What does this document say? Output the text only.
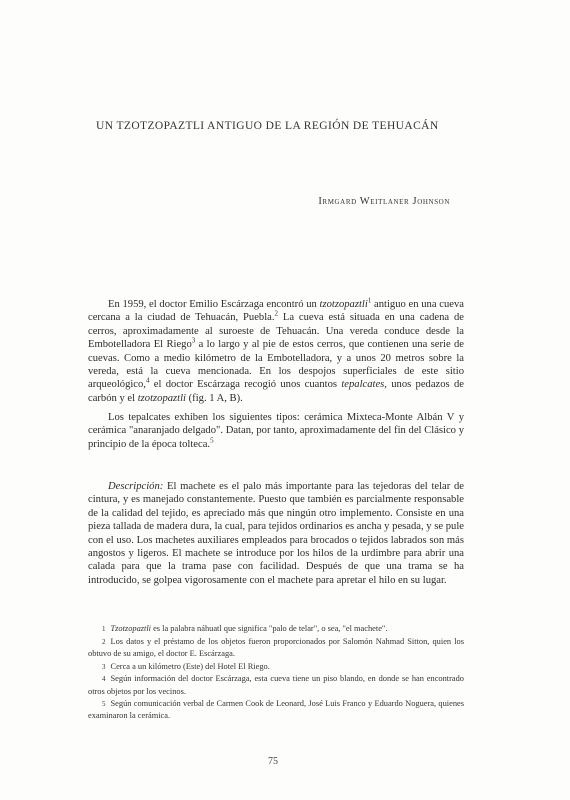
UN TZOTZOPAZTLI ANTIGUO DE LA REGIÓN DE TEHUACÁN
Irmgard Weitlaner Johnson

En 1959, el doctor Emilio Escárzaga encontró un tzotzopaztli$^1$ antiguo en una cueva cercana a la ciudad de Tehuacán, Puebla.$^2$ La cueva está situada en una cadena de cerros, aproximadamente al suroeste de Tehuacán. Una vereda conduce desde la Embotelladora El Riego$^3$ a lo largo y al pie de estos cerros, que contienen una serie de cuevas. Como a medio kilómetro de la Embotelladora, y a unos 20 metros sobre la vereda, está la cueva mencionada. En los despojos superficiales de este sitio arqueológico,$^4$ el doctor Escárzaga recogió unos cuantos tepalcates, unos pedazos de carbón y el tzotzopaztli (fig. 1 A, B).

Los tepalcates exhiben los siguientes tipos: cerámica Mixteca-Monte Albán V y cerámica "anaranjado delgado". Datan, por tanto, aproximadamente del fin del Clásico y principio de la época tolteca.$^5$

Descripción: El machete es el palo más importante para las tejedoras del telar de cintura, y es manejado constantemente. Puesto que también es parcialmente responsable de la calidad del tejido, es apreciado más que ningún otro implemento. Consiste en una pieza tallada de madera dura, la cual, para tejidos ordinarios es ancha y pesada, y se pule con el uso. Los machetes auxiliares empleados para brocados o tejidos labrados son más angostos y ligeros. El machete se introduce por los hilos de la urdimbre para abrir una calada para que la trama pase con facilidad. Después de que una trama se ha introducido, se golpea vigorosamente con el machete para apretar el hilo en su lugar.

1 Tzotzopaztli es la palabra náhuatl que significa "palo de telar", o sea, "el machete".

2 Los datos y el préstamo de los objetos fueron proporcionados por Salomón Nahmad Sitton, quien los obtuvo de su amigo, el doctor E. Escárzaga.

3 Cerca a un kilómetro (Este) del Hotel El Riego.

4 Según información del doctor Escárzaga, esta cueva tiene un piso blando, en donde se han encontrado otros objetos por los vecinos.

5 Según comunicación verbal de Carmen Cook de Leonard, José Luis Franco y Eduardo Noguera, quienes examinaron la cerámica.

75
